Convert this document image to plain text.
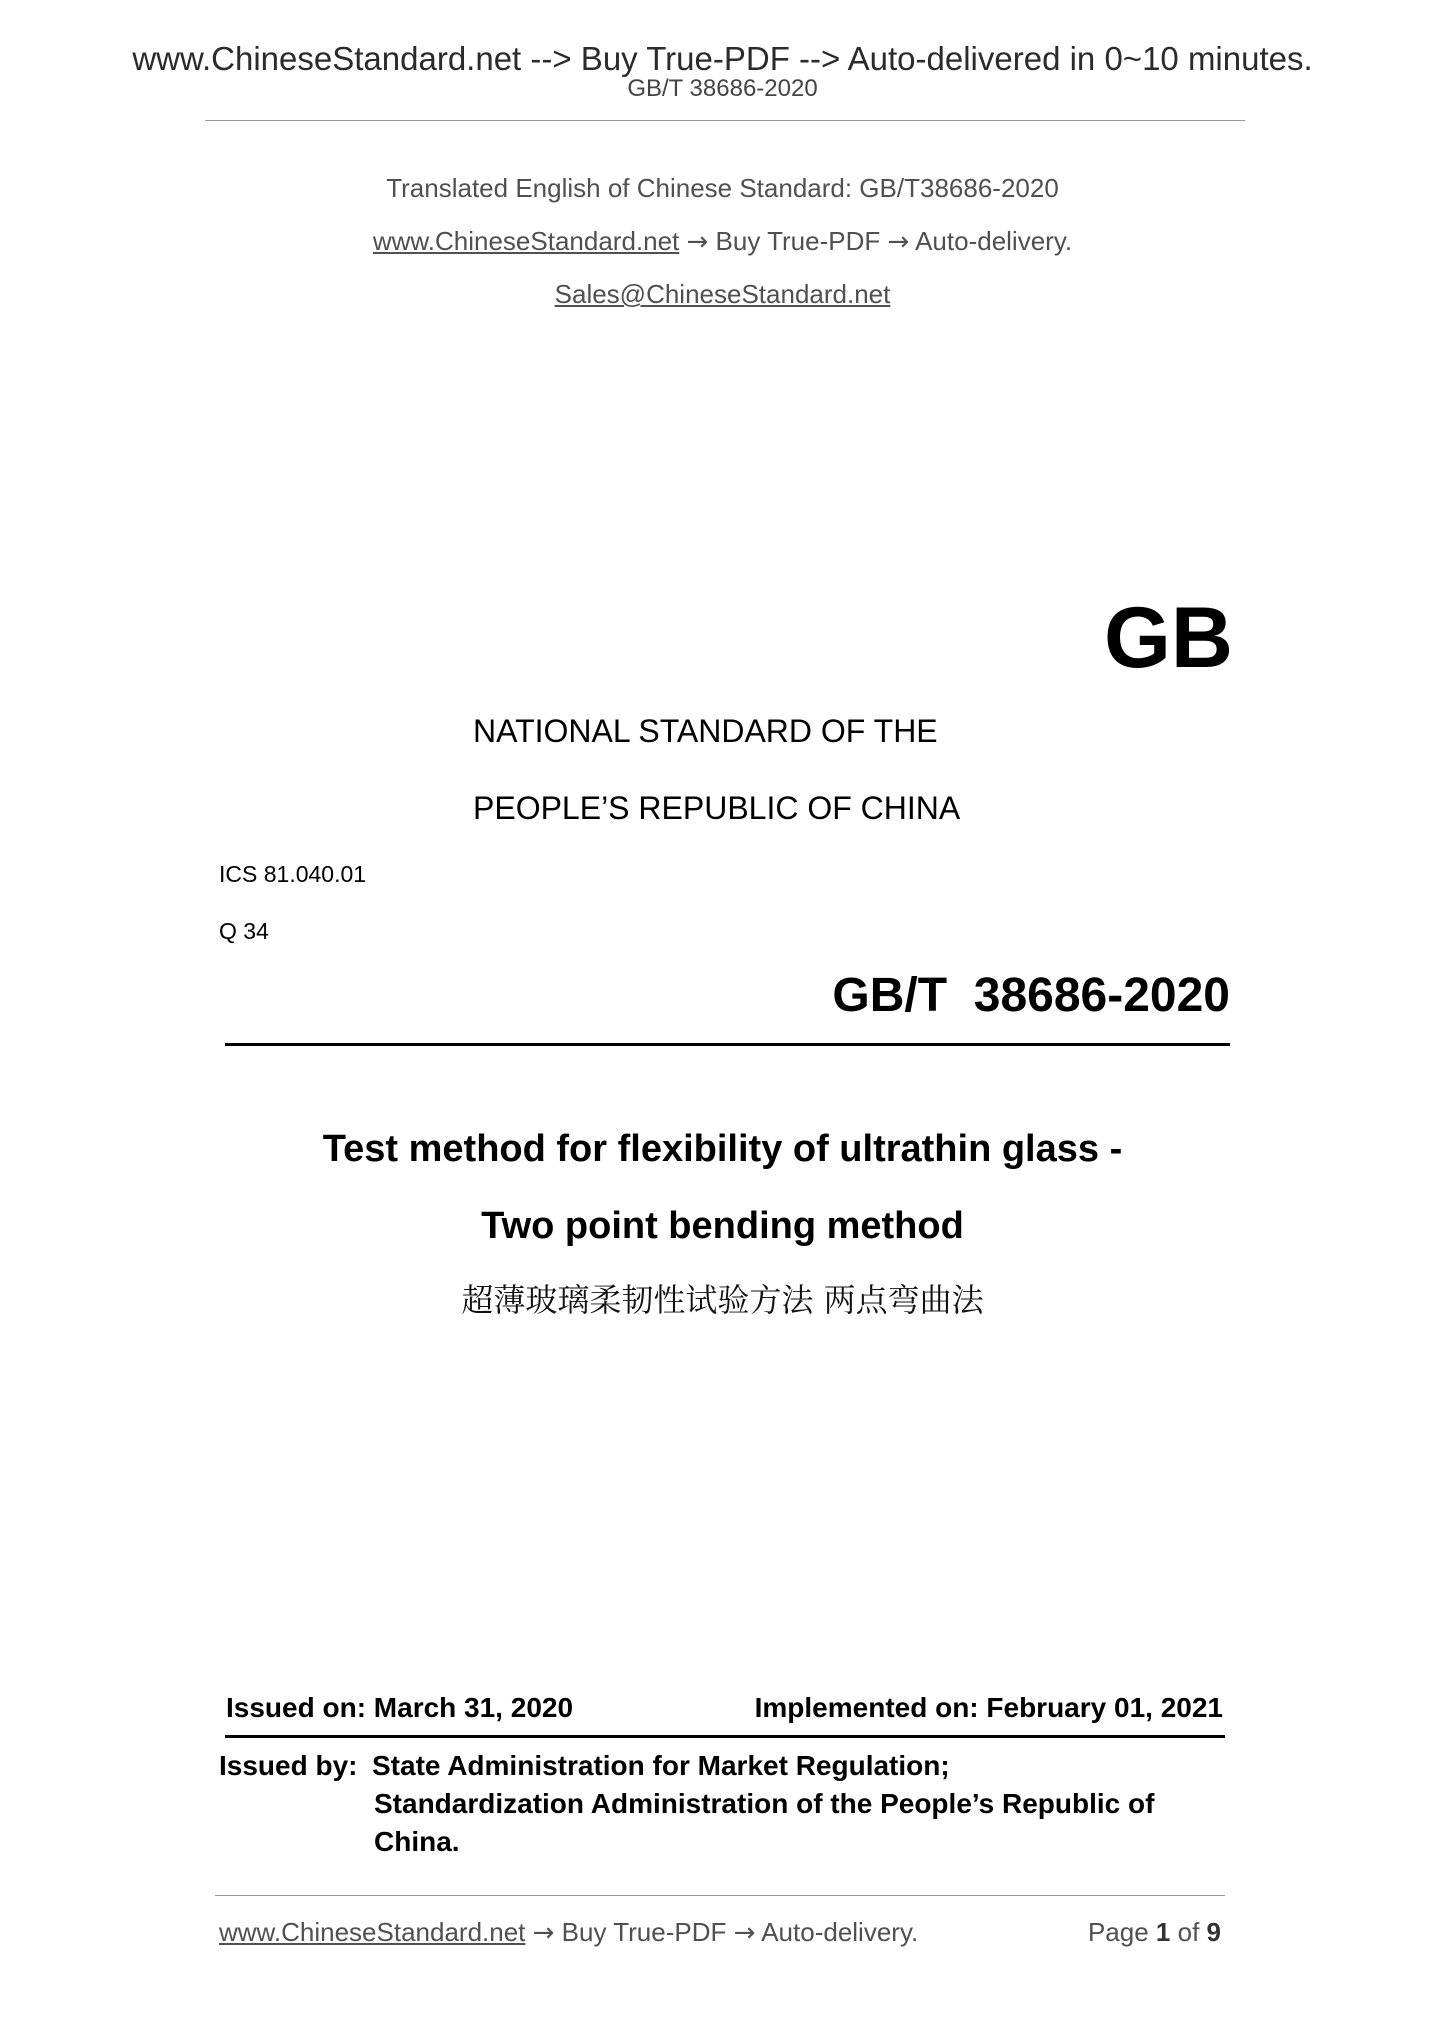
www.ChineseStandard.net --> Buy True-PDF --> Auto-delivered in 0~10 minutes.
GB/T 38686-2020
Translated English of Chinese Standard: GB/T38686-2020
www.ChineseStandard.net → Buy True-PDF → Auto-delivery.
Sales@ChineseStandard.net
GB
NATIONAL STANDARD OF THE
PEOPLE’S REPUBLIC OF CHINA
ICS 81.040.01
Q 34
GB/T  38686-2020
Test method for flexibility of ultrathin glass -
Two point bending method
超薄玻璃柔韧性试验方法 两点弯曲法
Issued on: March 31, 2020	Implemented on: February 01, 2021
Issued by: State Administration for Market Regulation;
Standardization Administration of the People’s Republic of
China.
www.ChineseStandard.net → Buy True-PDF → Auto-delivery.	Page 1 of 9
